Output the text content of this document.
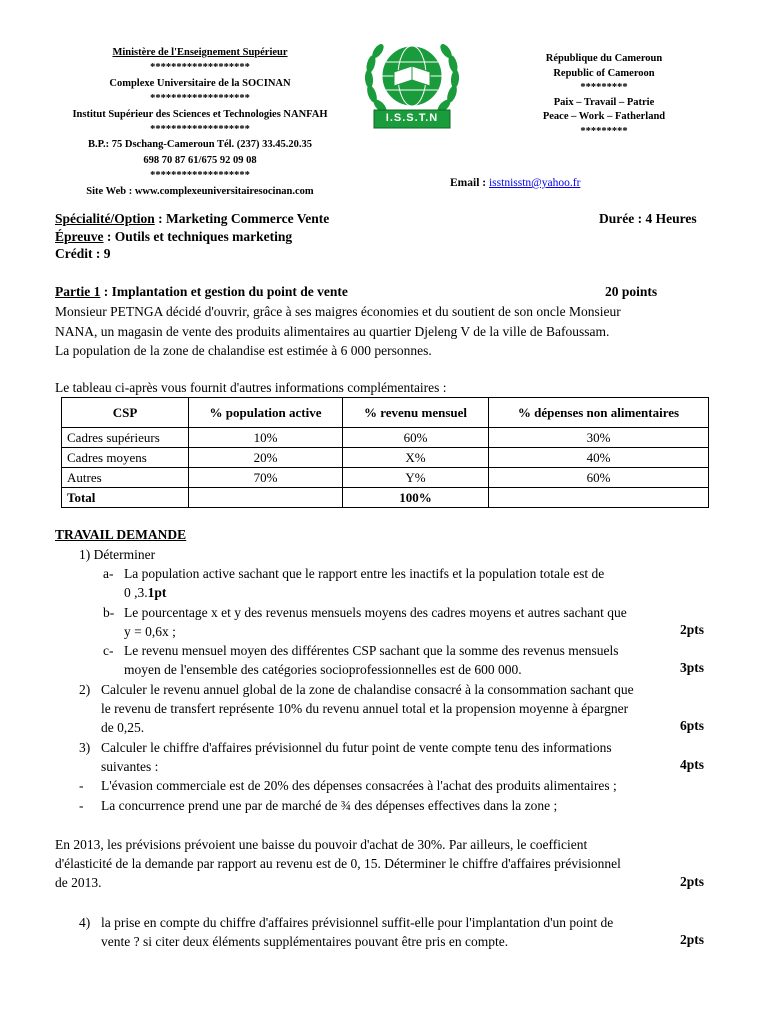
Ministère de l'Enseignement Supérieur
*******************
Complexe Universitaire de la SOCINAN
*******************
Institut Supérieur des Sciences et Technologies NANFAH
*******************
B.P.: 75 Dschang-Cameroun Tél. (237) 33.45.20.35
698 70 87 61/675 92 09 08
*******************
Site Web : www.complexeuniversitairesocinan.com
I.S.S.T.N
République du Cameroun
Republic of Cameroon
*********
Paix – Travail – Patrie
Peace – Work – Fatherland
*********
Email : isstnisstn@yahoo.fr
Spécialité/Option : Marketing Commerce Vente	Durée : 4 Heures
Épreuve : Outils et techniques marketing
Crédit : 9
Partie 1 : Implantation et gestion du point de vente	20 points
Monsieur PETNGA décidé d'ouvrir, grâce à ses maigres économies et du soutient de son oncle Monsieur
NANA, un magasin de vente des produits alimentaires au quartier Djeleng V de la ville de Bafoussam.
La population de la zone de chalandise est estimée à 6 000 personnes.
Le tableau ci-après vous fournit d'autres informations complémentaires :
CSP	% population active	% revenu mensuel	% dépenses non alimentaires
Cadres supérieurs	10%	60%	30%
Cadres moyens	20%	X%	40%
Autres	70%	Y%	60%
Total		100%	
TRAVAIL DEMANDE
1) Déterminer
a- La population active sachant que le rapport entre les inactifs et la population totale est de
0 ,3.1pt
b- Le pourcentage x et y des revenus mensuels moyens des cadres moyens et autres sachant que
y = 0,6x ;	2pts
c- Le revenu mensuel moyen des différentes CSP sachant que la somme des revenus mensuels
moyen de l'ensemble des catégories socioprofessionnelles est de 600 000.	3pts
2) Calculer le revenu annuel global de la zone de chalandise consacré à la consommation sachant que
le revenu de transfert représente 10% du revenu annuel total et la propension moyenne à épargner
de 0,25.	6pts
3) Calculer le chiffre d'affaires prévisionnel du futur point de vente compte tenu des informations
suivantes :	4pts
- L'évasion commerciale est de 20% des dépenses consacrées à l'achat des produits alimentaires ;
- La concurrence prend une par de marché de ¾ des dépenses effectives dans la zone ;
En 2013, les prévisions prévoient une baisse du pouvoir d'achat de 30%. Par ailleurs, le coefficient
d'élasticité de la demande par rapport au revenu est de 0, 15. Déterminer le chiffre d'affaires prévisionnel
de 2013.	2pts
4) la prise en compte du chiffre d'affaires prévisionnel suffit-elle pour l'implantation d'un point de
vente ? si citer deux éléments supplémentaires pouvant être pris en compte.	2pts
